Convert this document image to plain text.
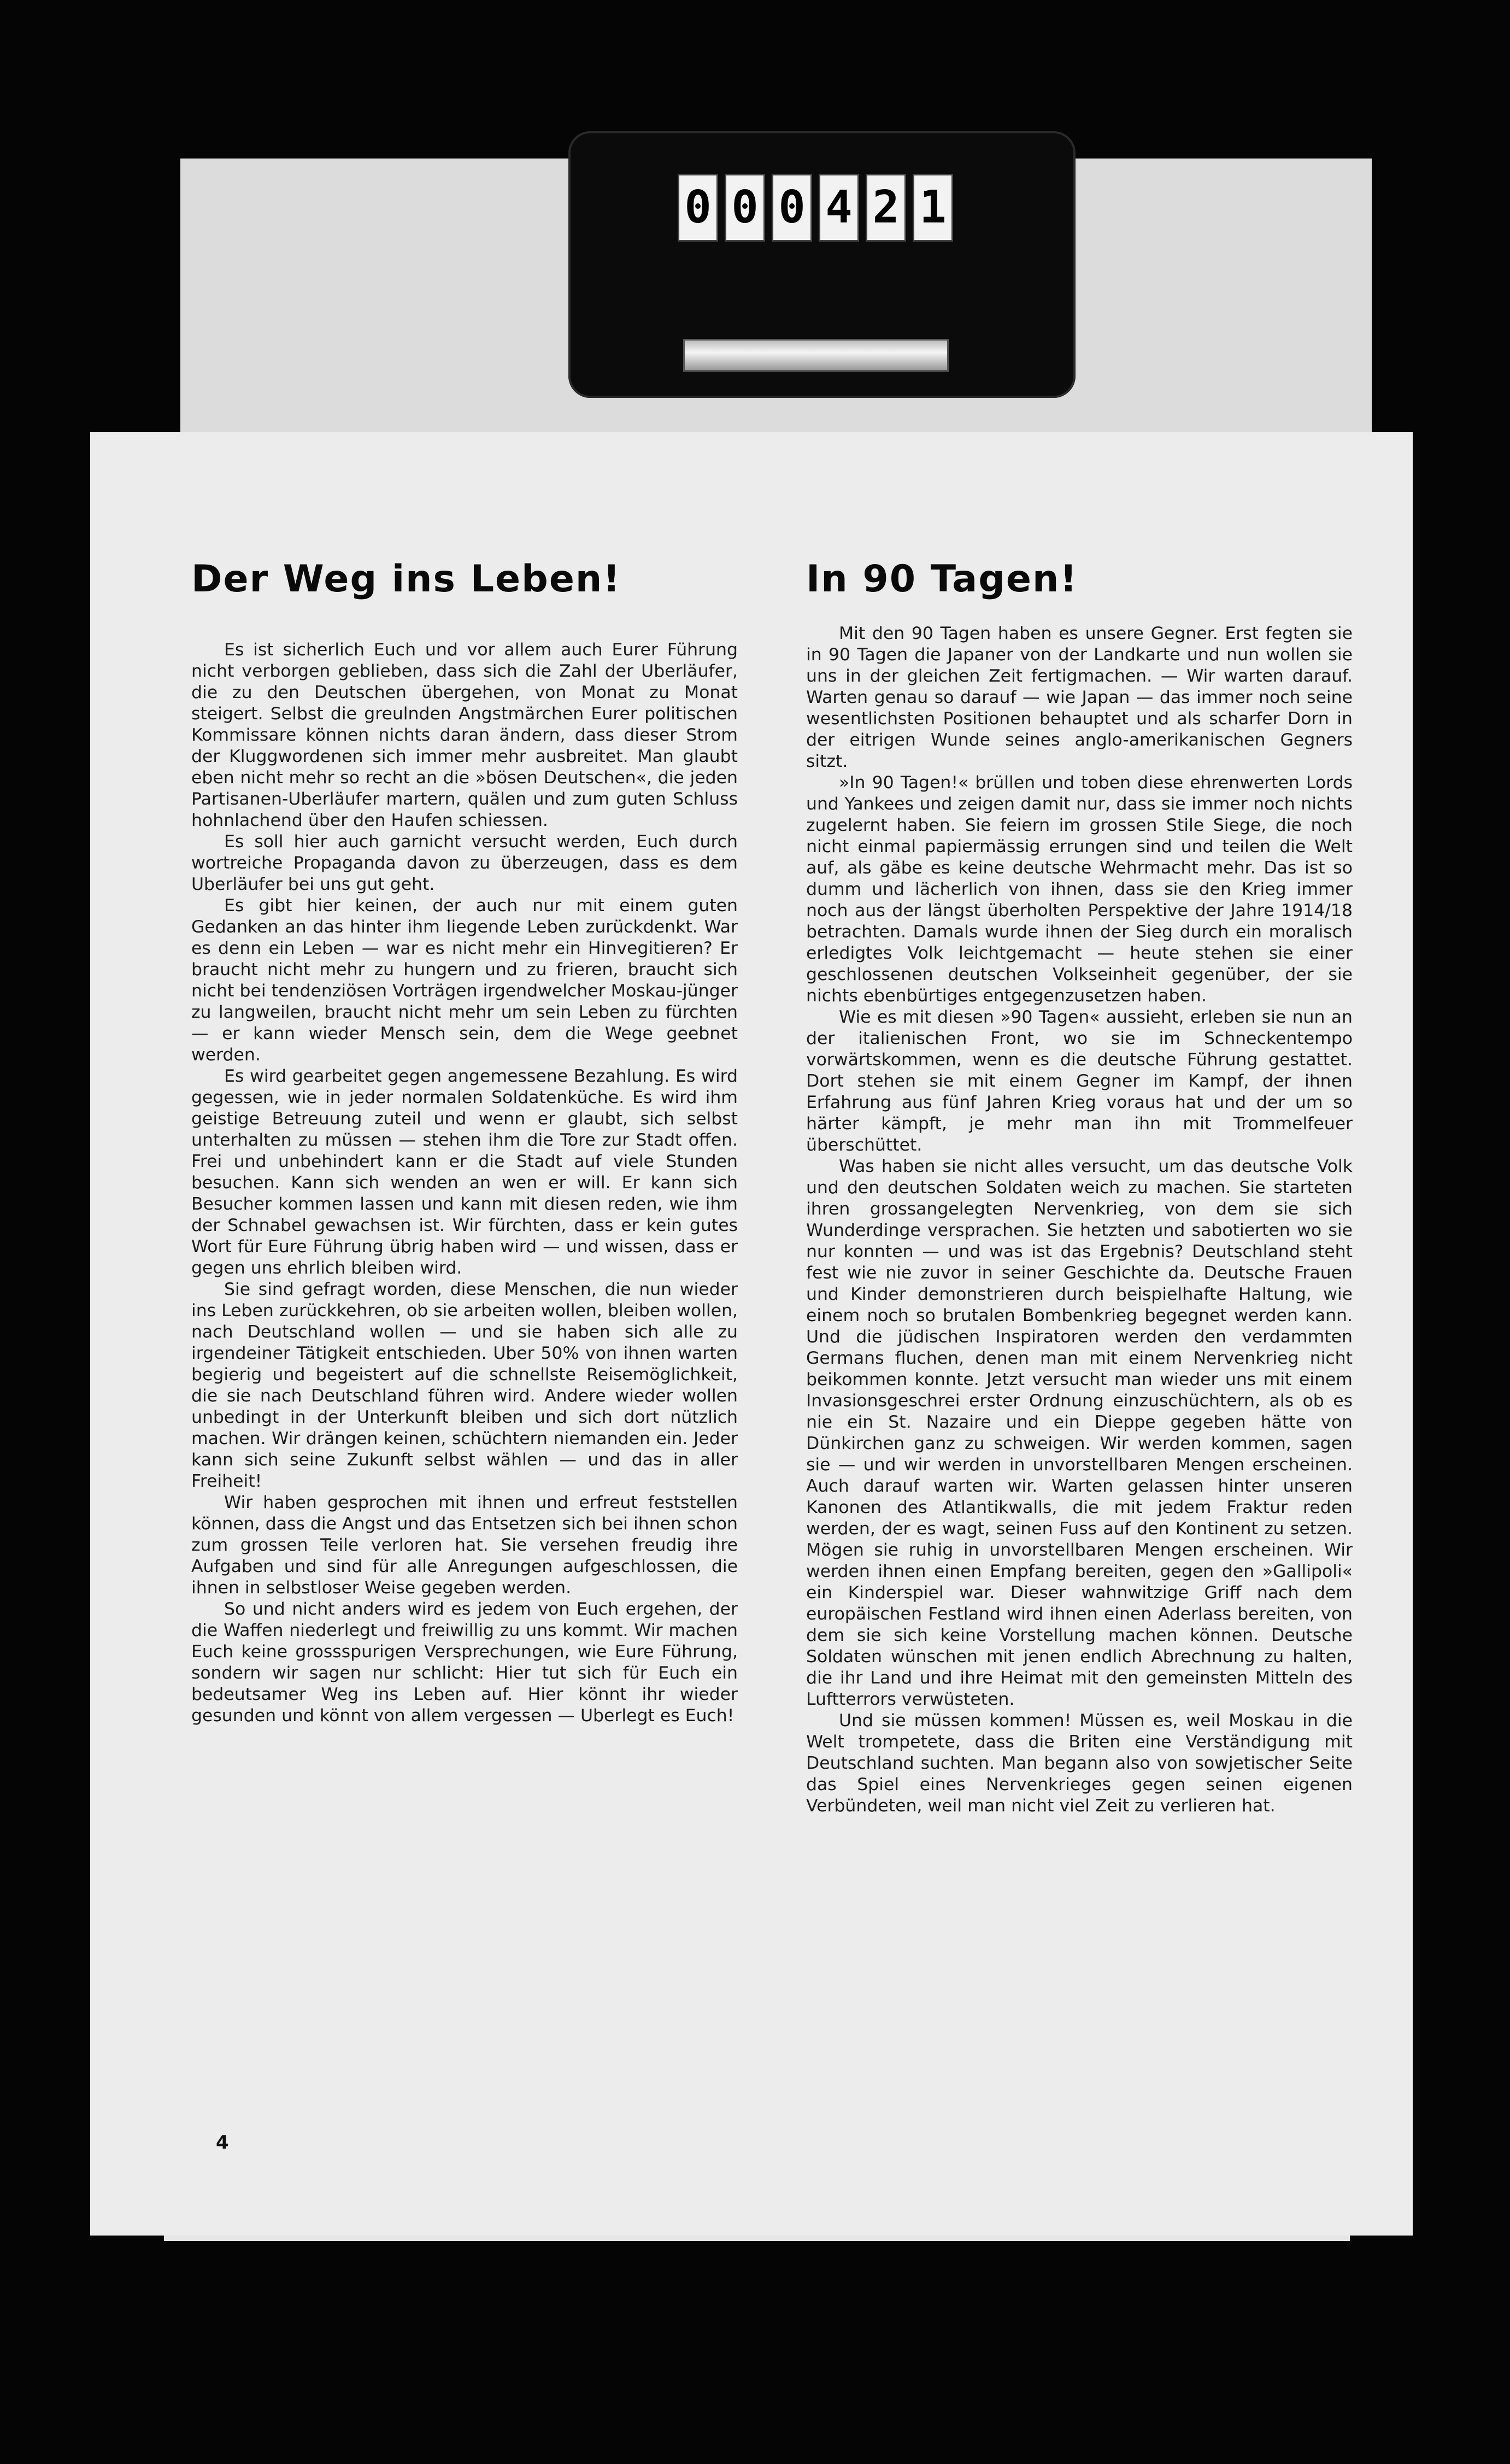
0 0 0 4 2 1
Der Weg ins Leben!	In 90 Tagen!

Es ist sicherlich Euch und vor allem auch Eurer Führung nicht verborgen geblieben, dass sich die Zahl der Uberläufer, die zu den Deutschen übergehen, von Monat zu Monat steigert. Selbst die greulnden Angstmärchen Eurer politischen Kommissare können nichts daran ändern, dass dieser Strom der Kluggwordenen sich immer mehr ausbreitet. Man glaubt eben nicht mehr so recht an die »bösen Deutschen«, die jeden Partisanen-Uberläufer martern, quälen und zum guten Schluss hohnlachend über den Haufen schiessen.

Es soll hier auch garnicht versucht werden, Euch durch wortreiche Propaganda davon zu überzeugen, dass es dem Uberläufer bei uns gut geht.

Es gibt hier keinen, der auch nur mit einem guten Gedanken an das hinter ihm liegende Leben zurückdenkt. War es denn ein Leben — war es nicht mehr ein Hinvegitieren? Er braucht nicht mehr zu hungern und zu frieren, braucht sich nicht bei tendenziösen Vorträgen irgendwelcher Moskau-jünger zu langweilen, braucht nicht mehr um sein Leben zu fürchten — er kann wieder Mensch sein, dem die Wege geebnet werden.

Es wird gearbeitet gegen angemessene Bezahlung. Es wird gegessen, wie in jeder normalen Soldatenküche. Es wird ihm geistige Betreuung zuteil und wenn er glaubt, sich selbst unterhalten zu müssen — stehen ihm die Tore zur Stadt offen. Frei und unbehindert kann er die Stadt auf viele Stunden besuchen. Kann sich wenden an wen er will. Er kann sich Besucher kommen lassen und kann mit diesen reden, wie ihm der Schnabel gewachsen ist. Wir fürchten, dass er kein gutes Wort für Eure Führung übrig haben wird — und wissen, dass er gegen uns ehrlich bleiben wird.

Sie sind gefragt worden, diese Menschen, die nun wieder ins Leben zurückkehren, ob sie arbeiten wollen, bleiben wollen, nach Deutschland wollen — und sie haben sich alle zu irgendeiner Tätigkeit entschieden. Uber 50% von ihnen warten begierig und begeistert auf die schnellste Reisemöglichkeit, die sie nach Deutschland führen wird. Andere wieder wollen unbedingt in der Unterkunft bleiben und sich dort nützlich machen. Wir drängen keinen, schüchtern niemanden ein. Jeder kann sich seine Zukunft selbst wählen — und das in aller Freiheit!

Wir haben gesprochen mit ihnen und erfreut feststellen können, dass die Angst und das Entsetzen sich bei ihnen schon zum grossen Teile verloren hat. Sie versehen freudig ihre Aufgaben und sind für alle Anregungen aufgeschlossen, die ihnen in selbstloser Weise gegeben werden.

So und nicht anders wird es jedem von Euch ergehen, der die Waffen niederlegt und freiwillig zu uns kommt. Wir machen Euch keine grossspurigen Versprechungen, wie Eure Führung, sondern wir sagen nur schlicht: Hier tut sich für Euch ein bedeutsamer Weg ins Leben auf. Hier könnt ihr wieder gesunden und könnt von allem vergessen — Uberlegt es Euch!

Mit den 90 Tagen haben es unsere Gegner. Erst fegten sie in 90 Tagen die Japaner von der Landkarte und nun wollen sie uns in der gleichen Zeit fertigmachen. — Wir warten darauf. Warten genau so darauf — wie Japan — das immer noch seine wesentlichsten Positionen behauptet und als scharfer Dorn in der eitrigen Wunde seines anglo-amerikanischen Gegners sitzt.

»In 90 Tagen!« brüllen und toben diese ehrenwerten Lords und Yankees und zeigen damit nur, dass sie immer noch nichts zugelernt haben. Sie feiern im grossen Stile Siege, die noch nicht einmal papiermässig errungen sind und teilen die Welt auf, als gäbe es keine deutsche Wehrmacht mehr. Das ist so dumm und lächerlich von ihnen, dass sie den Krieg immer noch aus der längst überholten Perspektive der Jahre 1914/18 betrachten. Damals wurde ihnen der Sieg durch ein moralisch erledigtes Volk leichtgemacht — heute stehen sie einer geschlossenen deutschen Volkseinheit gegenüber, der sie nichts ebenbürtiges entgegenzusetzen haben.

Wie es mit diesen »90 Tagen« aussieht, erleben sie nun an der italienischen Front, wo sie im Schneckentempo vorwärtskommen, wenn es die deutsche Führung gestattet. Dort stehen sie mit einem Gegner im Kampf, der ihnen Erfahrung aus fünf Jahren Krieg voraus hat und der um so härter kämpft, je mehr man ihn mit Trommelfeuer überschüttet.

Was haben sie nicht alles versucht, um das deutsche Volk und den deutschen Soldaten weich zu machen. Sie starteten ihren grossangelegten Nervenkrieg, von dem sie sich Wunderdinge versprachen. Sie hetzten und sabotierten wo sie nur konnten — und was ist das Ergebnis? Deutschland steht fest wie nie zuvor in seiner Geschichte da. Deutsche Frauen und Kinder demonstrieren durch beispielhafte Haltung, wie einem noch so brutalen Bombenkrieg begegnet werden kann. Und die jüdischen Inspiratoren werden den verdammten Germans fluchen, denen man mit einem Nervenkrieg nicht beikommen konnte. Jetzt versucht man wieder uns mit einem Invasionsgeschrei erster Ordnung einzuschüchtern, als ob es nie ein St. Nazaire und ein Dieppe gegeben hätte von Dünkirchen ganz zu schweigen. Wir werden kommen, sagen sie — und wir werden in unvorstellbaren Mengen erscheinen. Auch darauf warten wir. Warten gelassen hinter unseren Kanonen des Atlantikwalls, die mit jedem Fraktur reden werden, der es wagt, seinen Fuss auf den Kontinent zu setzen. Mögen sie ruhig in unvorstellbaren Mengen erscheinen. Wir werden ihnen einen Empfang bereiten, gegen den »Gallipoli« ein Kinderspiel war. Dieser wahnwitzige Griff nach dem europäischen Festland wird ihnen einen Aderlass bereiten, von dem sie sich keine Vorstellung machen können. Deutsche Soldaten wünschen mit jenen endlich Abrechnung zu halten, die ihr Land und ihre Heimat mit den gemeinsten Mitteln des Luftterrors verwüsteten.

Und sie müssen kommen! Müssen es, weil Moskau in die Welt trompetete, dass die Briten eine Verständigung mit Deutschland suchten. Man begann also von sowjetischer Seite das Spiel eines Nervenkrieges gegen seinen eigenen Verbündeten, weil man nicht viel Zeit zu verlieren hat.

4
